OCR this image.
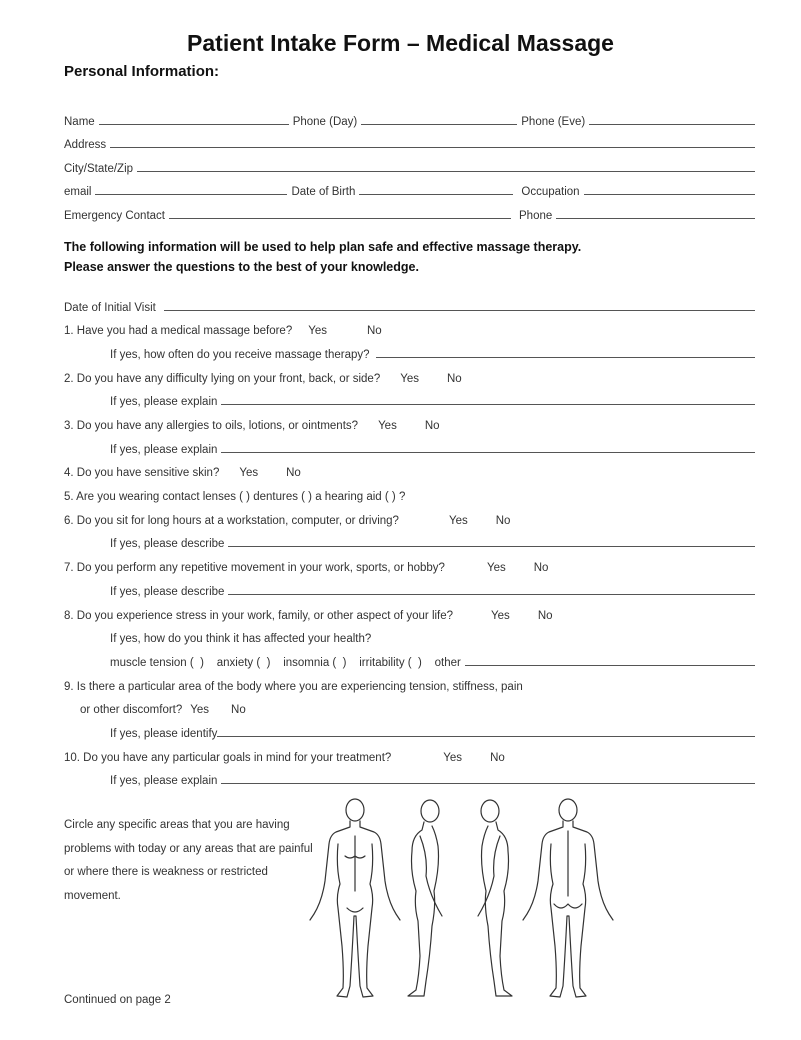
Patient Intake Form – Medical Massage
Personal Information:
Name	Phone (Day)	Phone (Eve)
Address
City/State/Zip
email	Date of Birth	Occupation
Emergency Contact	Phone
The following information will be used to help plan safe and effective massage therapy.
Please answer the questions to the best of your knowledge.
Date of Initial Visit
1. Have you had a medical massage before? Yes	No
If yes, how often do you receive massage therapy?
2. Do you have any difficulty lying on your front, back, or side? Yes No
If yes, please explain
3. Do you have any allergies to oils, lotions, or ointments? Yes No
If yes, please explain
4. Do you have sensitive skin? Yes No
5. Are you wearing contact lenses ( ) dentures ( ) a hearing aid ( ) ?
6. Do you sit for long hours at a workstation, computer, or driving?	Yes No
If yes, please describe
7. Do you perform any repetitive movement in your work, sports, or hobby?	Yes No
If yes, please describe
8. Do you experience stress in your work, family, or other aspect of your life?	Yes No
If yes, how do you think it has affected your health?
muscle tension (  )    anxiety (  )    insomnia (  )    irritability (  )    other
9. Is there a particular area of the body where you are experiencing tension, stiffness, pain
or other discomfort? Yes No
If yes, please identify
10. Do you have any particular goals in mind for your treatment?	Yes No
If yes, please explain
Circle any specific areas that you are having problems with today or any areas that are painful or where there is weakness or restricted movement.
Continued on page 2
